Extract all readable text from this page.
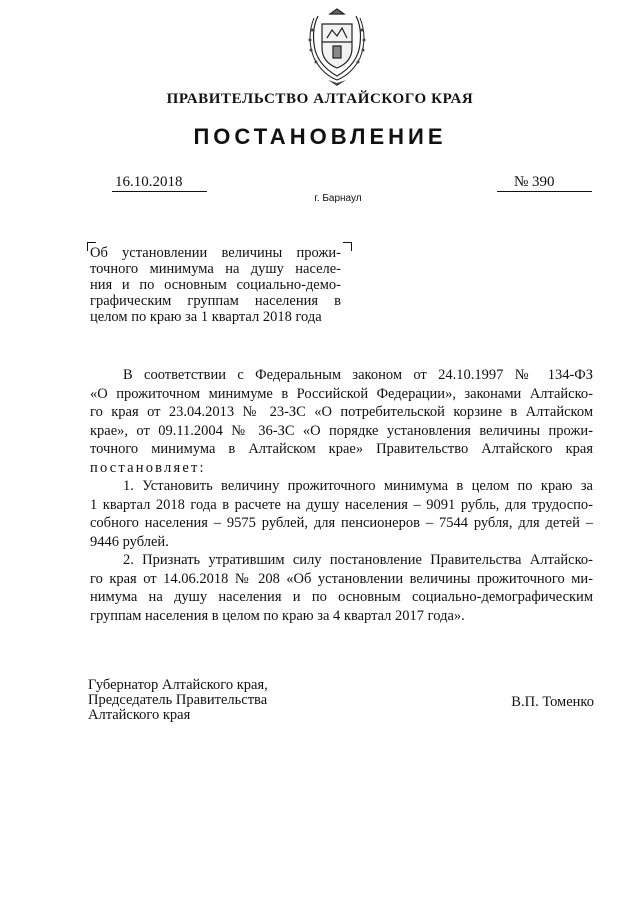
ПРАВИТЕЛЬСТВО АЛТАЙСКОГО КРАЯ
ПОСТАНОВЛЕНИЕ
16.10.2018	№ 390
г. Барнаул
Об установлении величины прожи-
точного минимума на душу населе-
ния и по основным социально-демо-
графическим группам населения в
целом по краю за 1 квартал 2018 года
В соответствии с Федеральным законом от 24.10.1997 № 134-ФЗ
«О прожиточном минимуме в Российской Федерации», законами Алтайско-
го края от 23.04.2013 № 23-ЗС «О потребительской корзине в Алтайском
крае», от 09.11.2004 № 36-ЗС «О порядке установления величины прожи-
точного минимума в Алтайском крае» Правительство Алтайского края
постановляет:
1. Установить величину прожиточного минимума в целом по краю за
1 квартал 2018 года в расчете на душу населения – 9091 рубль, для трудоспо-
собного населения – 9575 рублей, для пенсионеров – 7544 рубля, для детей –
9446 рублей.
2. Признать утратившим силу постановление Правительства Алтайско-
го края от 14.06.2018 № 208 «Об установлении величины прожиточного ми-
нимума на душу населения и по основным социально-демографическим
группам населения в целом по краю за 4 квартал 2017 года».
Губернатор Алтайского края,
Председатель Правительства
Алтайского края
В.П. Томенко
